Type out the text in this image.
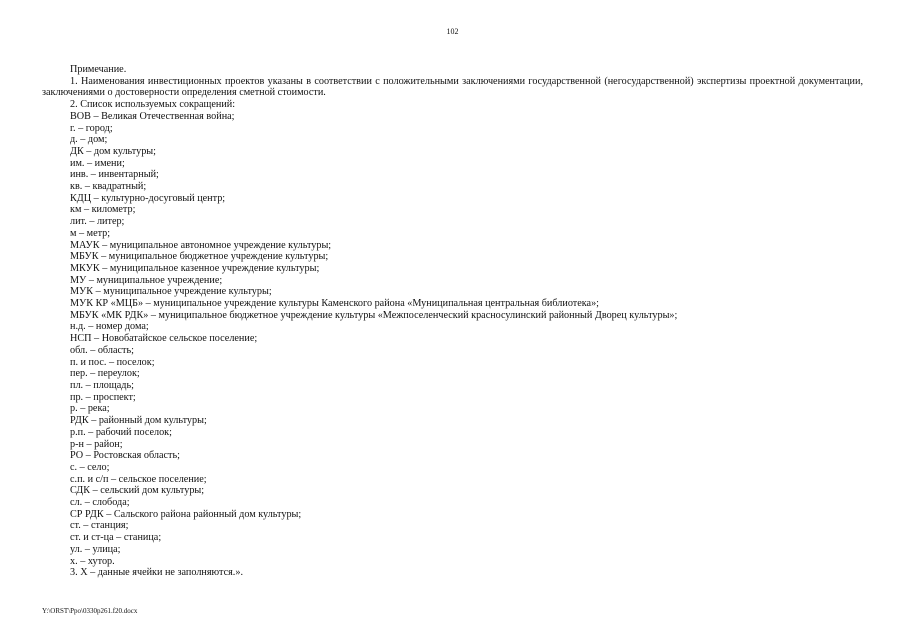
102
Примечание.
1. Наименования инвестиционных проектов указаны в соответствии с положительными заключениями государственной (негосударственной) экспертизы проектной документации, заключениями о достоверности определения сметной стоимости.
2. Список используемых сокращений:
ВОВ – Великая Отечественная война;
г. – город;
д. – дом;
ДК – дом культуры;
им. – имени;
инв. – инвентарный;
кв. – квадратный;
КДЦ – культурно-досуговый центр;
км – километр;
лит. – литер;
м – метр;
МАУК – муниципальное автономное учреждение культуры;
МБУК – муниципальное бюджетное учреждение культуры;
МКУК – муниципальное казенное учреждение культуры;
МУ – муниципальное учреждение;
МУК – муниципальное учреждение культуры;
МУК КР «МЦБ» – муниципальное учреждение культуры Каменского района «Муниципальная центральная библиотека»;
МБУК «МК РДК» – муниципальное бюджетное учреждение культуры «Межпоселенческий красносулинский районный Дворец культуры»;
н.д. – номер дома;
НСП – Новобатайское сельское поселение;
обл. – область;
п. и пос. – поселок;
пер. – переулок;
пл. – площадь;
пр. – проспект;
р. – река;
РДК – районный дом культуры;
р.п. – рабочий поселок;
р-н – район;
РО – Ростовская область;
с. – село;
с.п. и с/п – сельское поселение;
СДК – сельский дом культуры;
сл. – слобода;
СР РДК – Сальского района районный дом культуры;
ст. – станция;
ст. и ст-ца – станица;
ул. – улица;
х. – хутор.
3. Х – данные ячейки не заполняются.».
Y:\ORST\Ppo\0330p261.f20.docx
